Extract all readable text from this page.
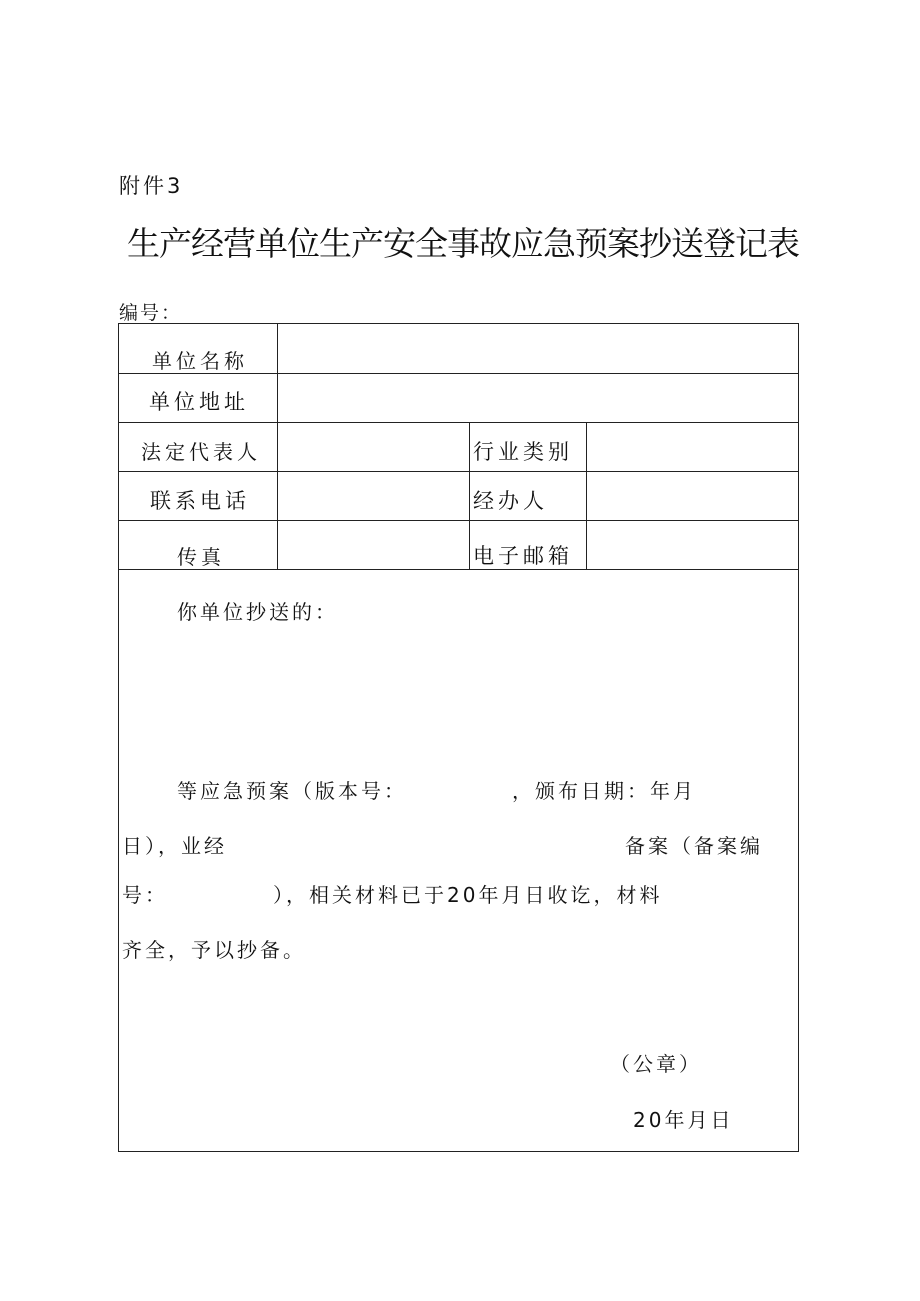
附件3
生产经营单位生产安全事故应急预案抄送登记表
编号：
单位名称
单位地址
法定代表人	行业类别
联系电话	经办人
传真	电子邮箱
你单位抄送的：
等应急预案（版本号：　　　　　，颁布日期：年月
日），业经	备案（备案编
号：　　　　　），相关材料已于20年月日收讫，材料
齐全，予以抄备。
（公章）
20年月日
